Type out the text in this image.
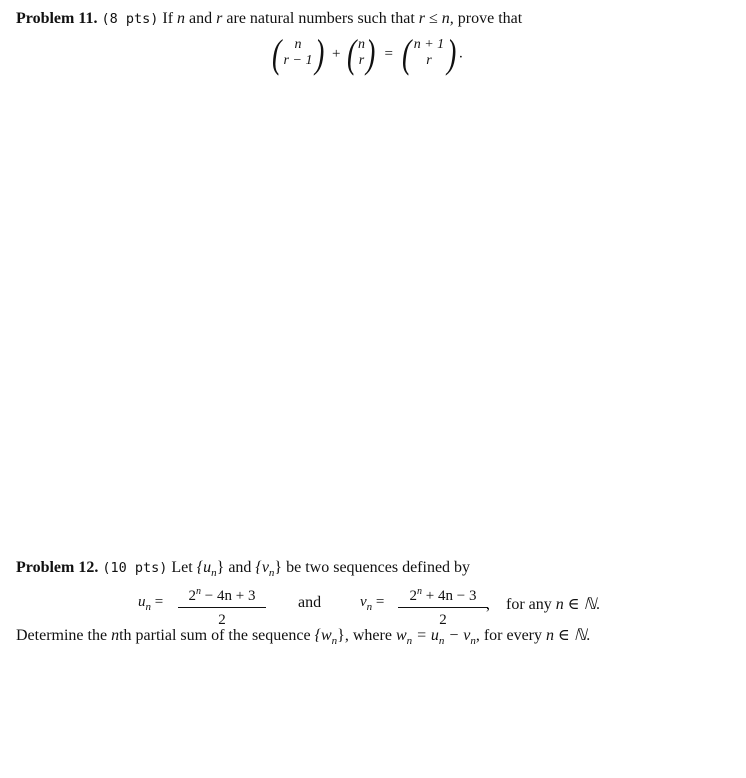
Problem 11. (8 pts) If n and r are natural numbers such that r ≤ n, prove that
( n
r − 1 ) + ( n
r ) = ( n + 1
r ) .
Problem 12. (10 pts) Let $\{u_n\}$ and $\{v_n\}$ be two sequences defined by
$u_n = \frac{2^n - 4n + 3}{2}$ and	$v_n = \frac{2^n + 4n - 3}{2}$
, for any n ∈ ℕ.
Determine the nth partial sum of the sequence $\{w_n\}$, where $w_n = u_n - v_n$, for every n ∈ ℕ.
